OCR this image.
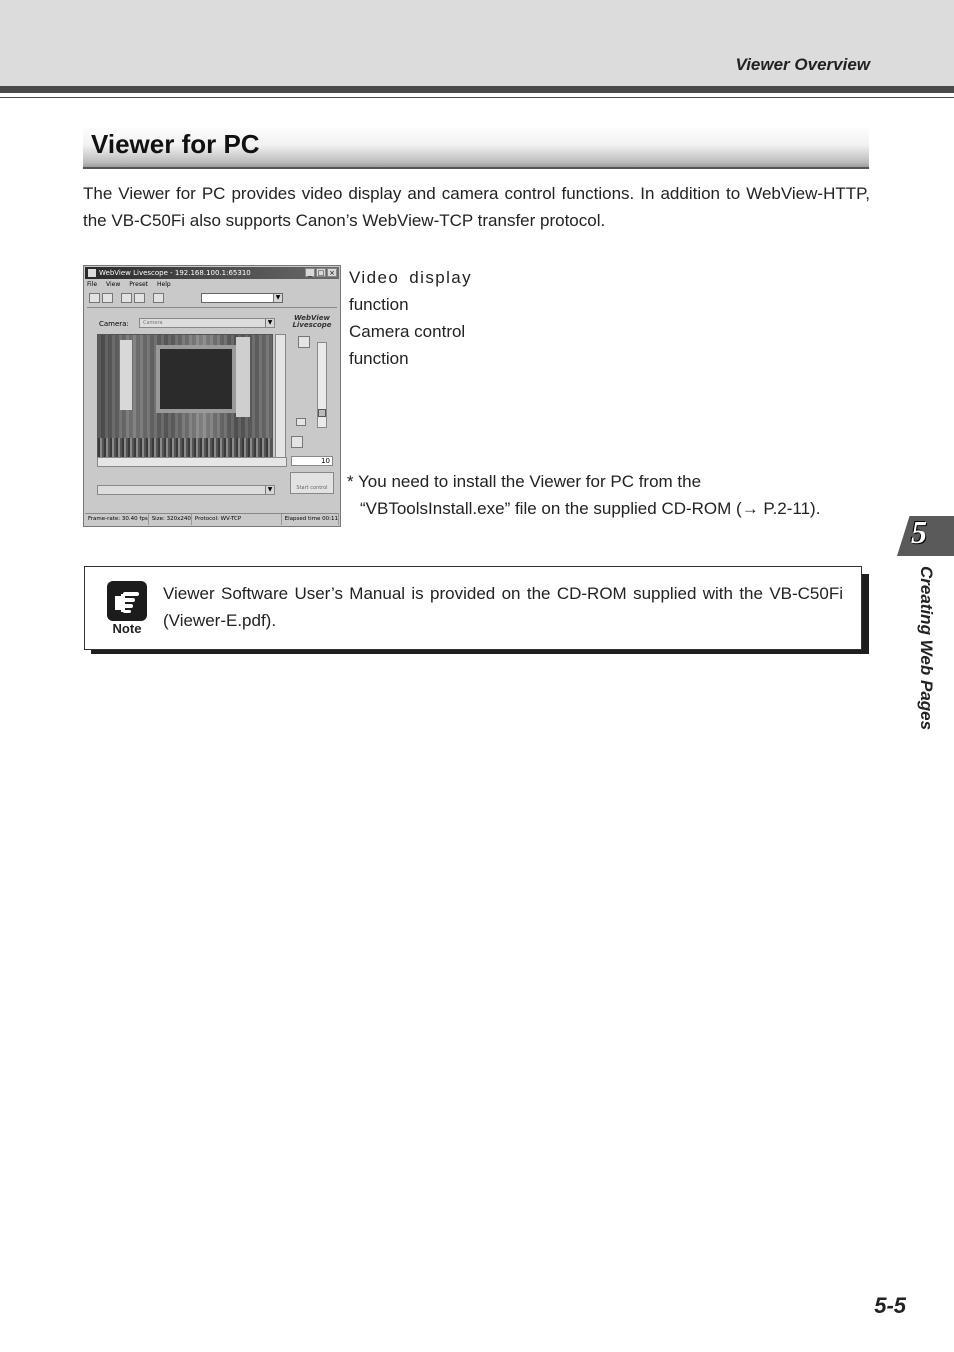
Viewer Overview
Viewer for PC
The Viewer for PC provides video display and camera control functions. In addition to WebView-HTTP, the VB-C50Fi also supports Canon’s WebView-TCP transfer protocol.
WebView Livescope - 192.168.100.1:65310	_ □ ×
File View Preset Help
▼
Camera:	Camera	▼
WebView
Livescope
10
Start control
▼
Frame-rate: 30.40 fps Size: 320x240 Protocol: WV-TCP	Elapsed time 00:11
Video display
function
Camera control
function
* You need to install the Viewer for PC from the
“VBToolsInstall.exe” file on the supplied CD-ROM (→ P.2-11).
Note
Viewer Software User’s Manual is provided on the CD-ROM supplied with the VB-C50Fi (Viewer-E.pdf).
5
Creating Web Pages
5-5
